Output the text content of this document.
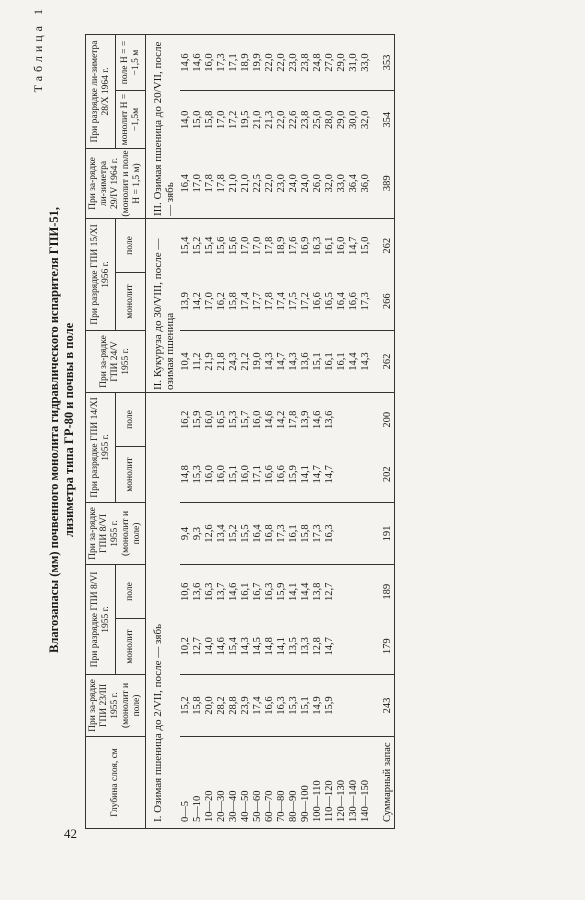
42
Таблица 1
Влагозапасы (мм) почвенного монолита гидравлического испарителя ГПИ-51, лизиметра типа ГР-80 и почвы в поле
Глубина слоя, см	При за-рядке ГПИ 23/III 1955 г. (монолит и поле)	При разрядке ГПИ 8/VI 1955 г.		При за-рядке ГПИ 8/VI 1955 г. (монолит и поле)	При разрядке ГПИ 14/XI 1955 г.		При за-рядке ГПИ 24/V 1955 г.	При разрядке ГПИ 15/XI 1956 г.		При за-рядке ли-зиметра 29/IV 1964 г. (монолит и поле Н = 1,5 м)	При разрядке ли-зиметра 28/X 1964 г.	
		монолит	поле		монолит	поле		монолит	поле		монолит Н = −1,5м	поле Н = = −1,5 м
I. Озимая пшеница до 2/VII, после — зябь							II. Кукуруза до 30/VIII, после — озимая пшеница			III. Озимая пшеница до 20/VII, после — зябь		
0—5	15,2	10,2	10,6	9,4	14,8	16,2	10,4	13,9	15,4	16,4	14,0	14,6
5—10	15,8	12,7	13,6	9,3	15,3	15,9	11,2	14,2	15,2	17,0	15,0	14,6
10—20	20,0	14,0	16,3	12,6	16,0	16,0	21,9	17,0	15,4	17,8	15,8	16,0
20—30	28,2	14,6	13,7	13,4	16,0	16,5	21,8	16,2	15,6	17,8	17,0	17,3
30—40	28,8	15,4	14,6	15,2	15,1	15,3	24,3	15,8	15,6	21,0	17,2	17,1
40—50	23,9	14,3	16,1	15,5	16,0	15,7	21,2	17,4	17,0	21,0	19,5	18,9
50—60	17,4	14,5	16,7	16,4	17,1	16,0	19,0	17,7	17,0	22,5	21,0	19,9
60—70	16,6	14,8	16,3	16,8	16,6	14,6	14,3	17,8	17,8	22,0	21,3	22,0
70—80	16,3	14,1	15,9	17,3	16,6	14,2	14,7	17,4	18,9	23,0	22,0	22,0
80—90	15,3	13,5	14,1	16,1	15,9	17,8	14,3	17,5	17,6	24,0	22,6	23,0
90—100	15,1	13,3	14,4	15,8	14,1	13,9	13,6	17,2	16,9	24,0	23,8	23,8
100—110	14,9	12,8	13,8	17,3	14,7	14,6	15,1	16,6	16,3	26,0	25,0	24,8
110—120	15,9	14,7	12,7	16,3	14,7	13,6	16,1	16,5	16,1	32,0	28,0	27,0
120—130							16,1	16,4	16,0	33,0	29,0	29,0
130—140							14,4	16,6	14,7	36,4	30,0	31,0
140—150							14,3	17,3	15,0	36,0	32,0	33,0
Суммарный запас	243	179	189	191	202	200	262	266	262	389	354	353
